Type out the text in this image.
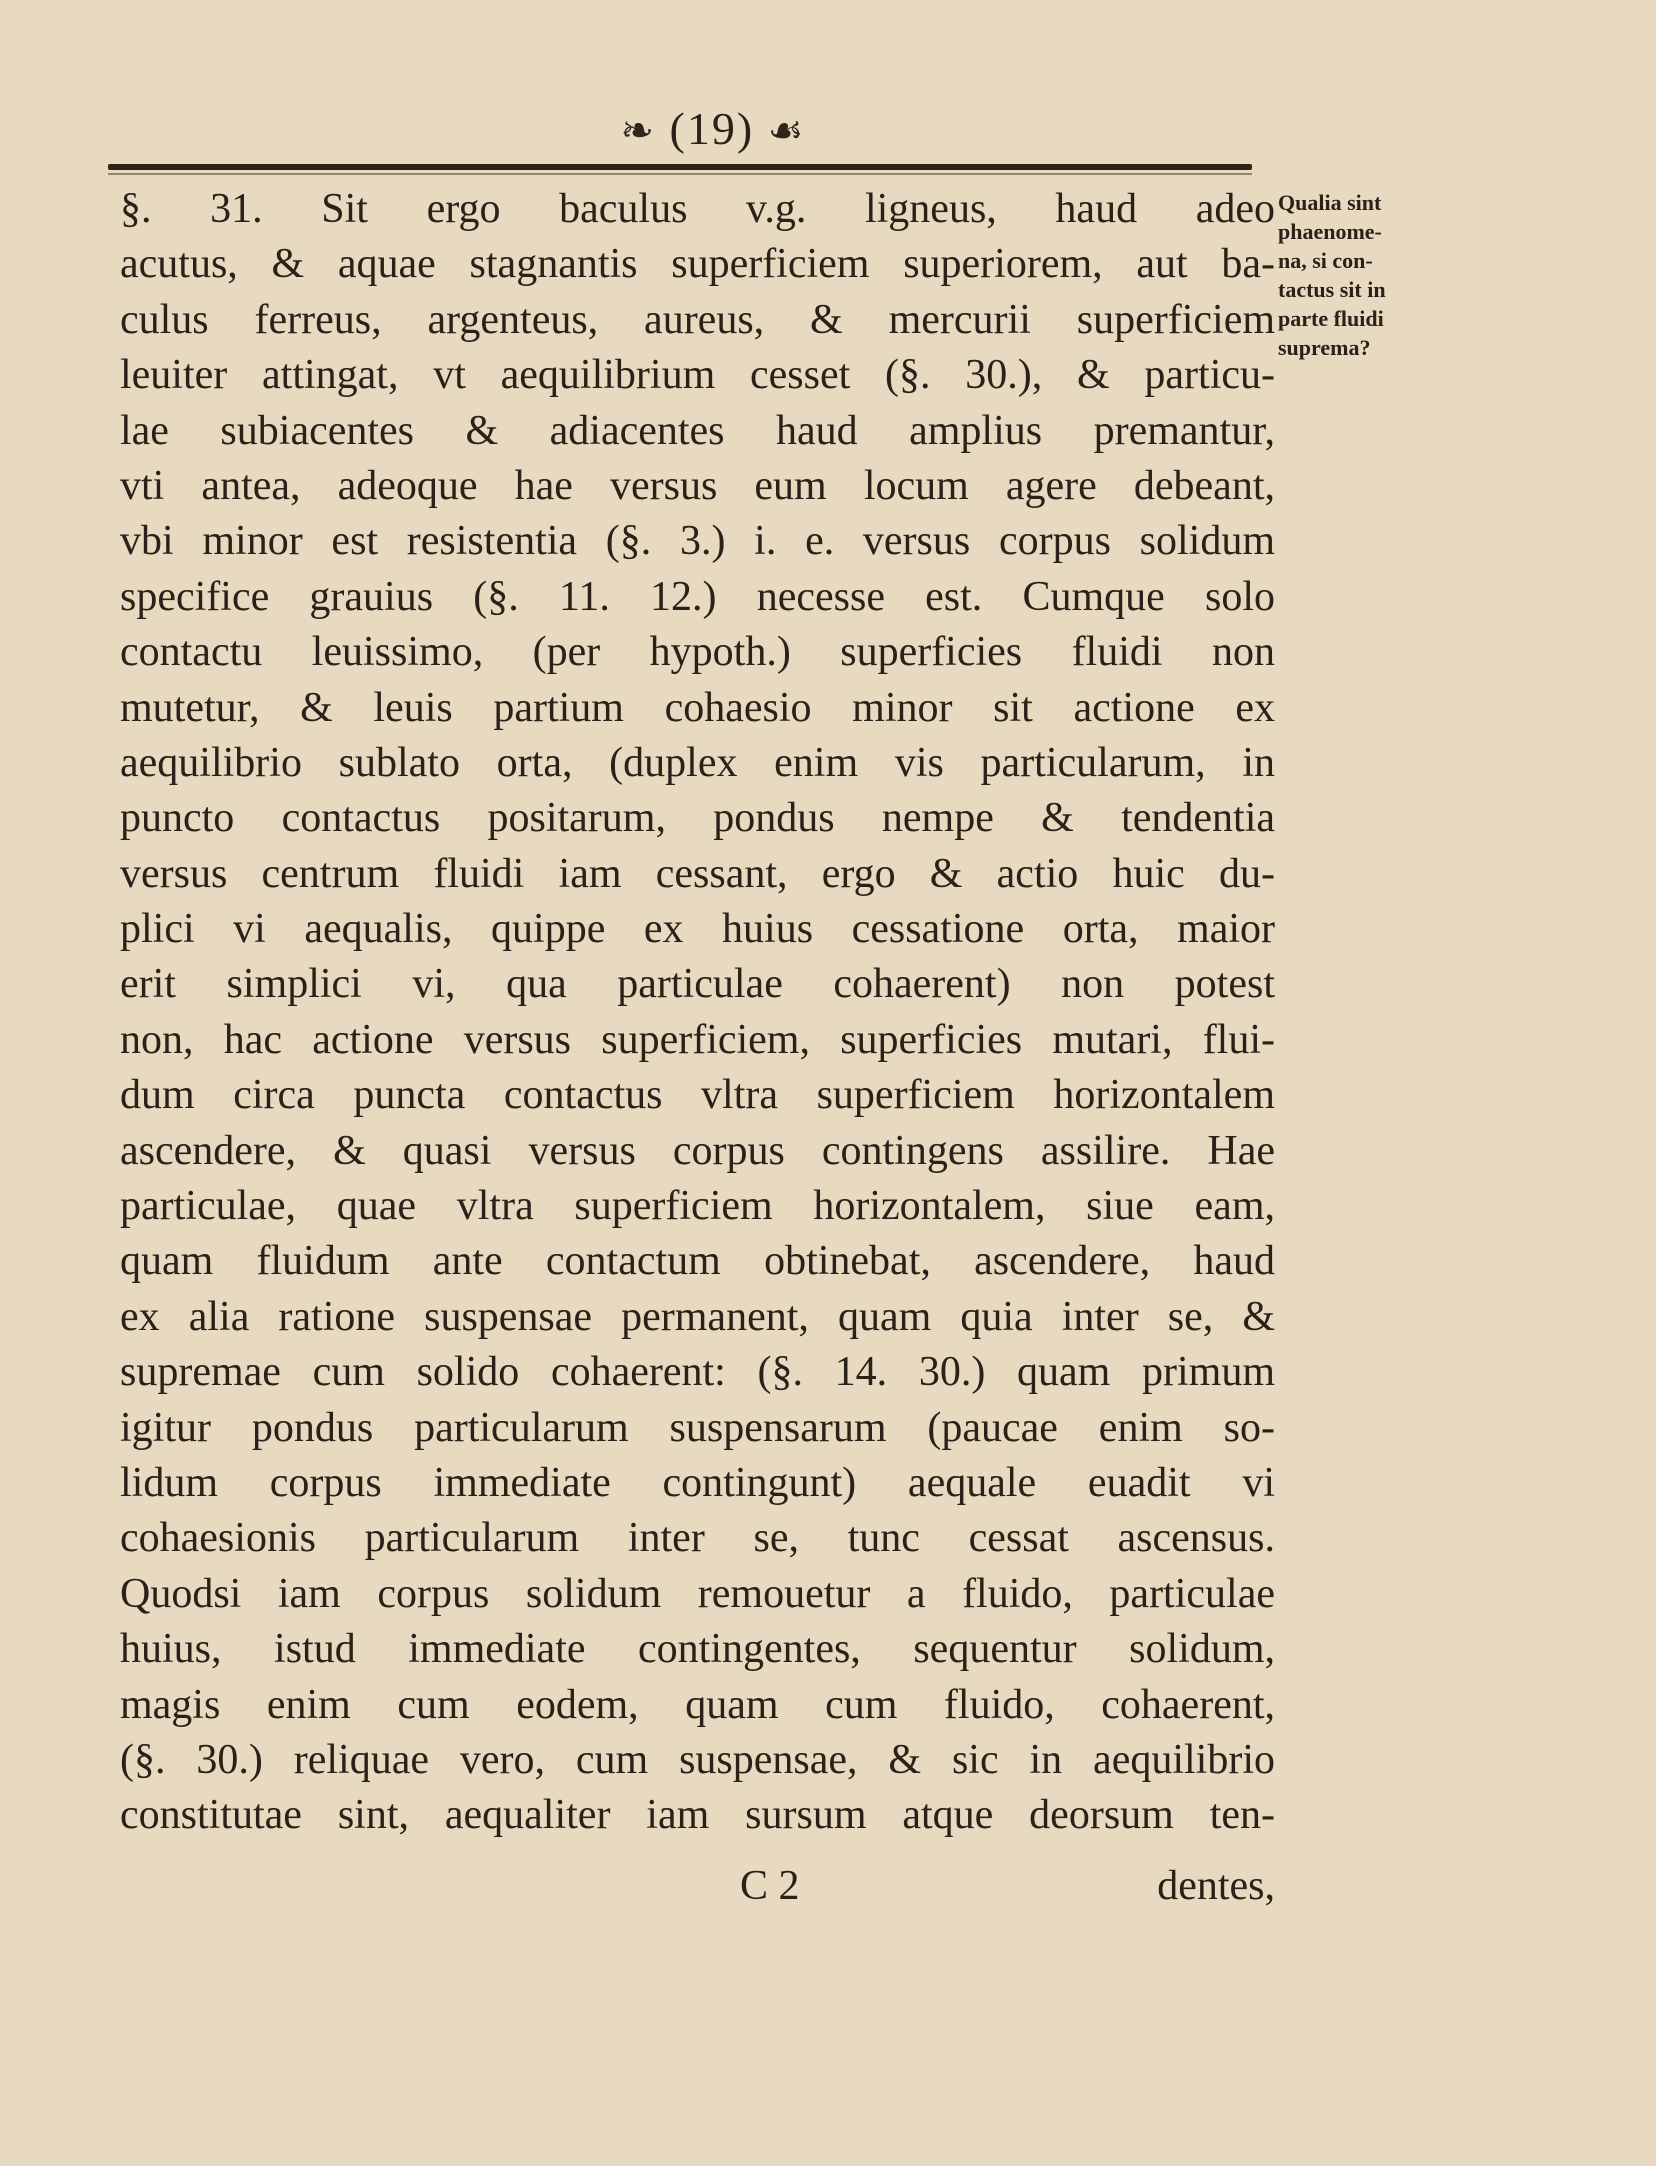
❧ (19) ☙
Qualia sint
phaenome-
na, si con-
tactus sit in
parte fluidi
suprema?
§. 31. Sit ergo baculus v.g. ligneus, haud adeo
acutus, & aquae stagnantis superficiem superiorem, aut ba-
culus ferreus, argenteus, aureus, & mercurii superficiem
leuiter attingat, vt aequilibrium cesset (§. 30.), & particu-
lae subiacentes & adiacentes haud amplius premantur,
vti antea, adeoque hae versus eum locum agere debeant,
vbi minor est resistentia (§. 3.) i. e. versus corpus solidum
specifice grauius (§. 11. 12.) necesse est. Cumque solo
contactu leuissimo, (per hypoth.) superficies fluidi non
mutetur, & leuis partium cohaesio minor sit actione ex
aequilibrio sublato orta, (duplex enim vis particularum, in
puncto contactus positarum, pondus nempe & tendentia
versus centrum fluidi iam cessant, ergo & actio huic du-
plici vi aequalis, quippe ex huius cessatione orta, maior
erit simplici vi, qua particulae cohaerent) non potest
non, hac actione versus superficiem, superficies mutari, flui-
dum circa puncta contactus vltra superficiem horizontalem
ascendere, & quasi versus corpus contingens assilire. Hae
particulae, quae vltra superficiem horizontalem, siue eam,
quam fluidum ante contactum obtinebat, ascendere, haud
ex alia ratione suspensae permanent, quam quia inter se, &
supremae cum solido cohaerent: (§. 14. 30.) quam primum
igitur pondus particularum suspensarum (paucae enim so-
lidum corpus immediate contingunt) aequale euadit vi
cohaesionis particularum inter se, tunc cessat ascensus.
Quodsi iam corpus solidum remouetur a fluido, particulae
huius, istud immediate contingentes, sequentur solidum,
magis enim cum eodem, quam cum fluido, cohaerent,
(§. 30.) reliquae vero, cum suspensae, & sic in aequilibrio
constitutae sint, aequaliter iam sursum atque deorsum ten-
C 2	dentes,
